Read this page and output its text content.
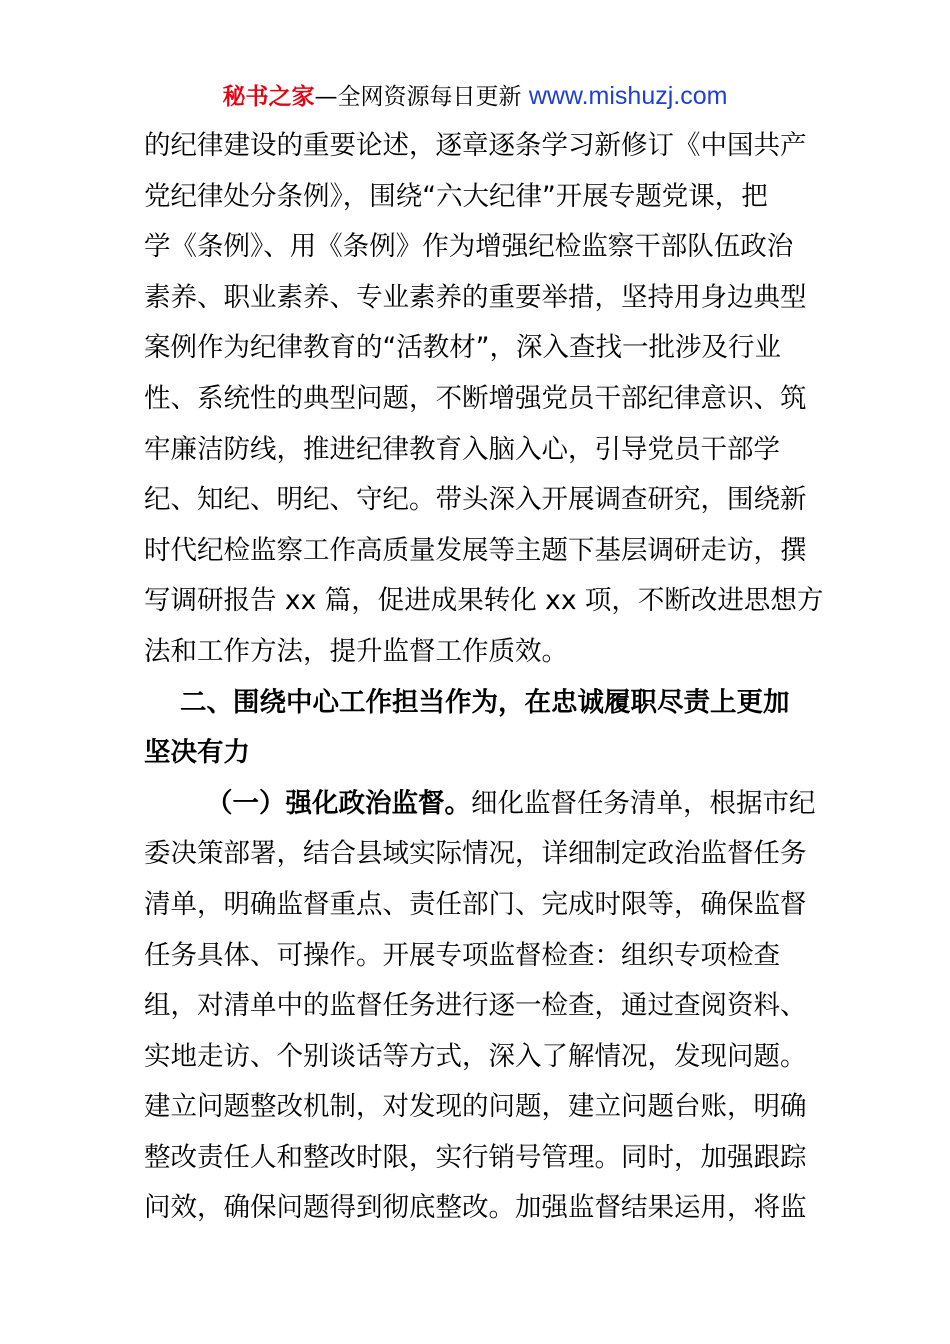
秘书之家—全网资源每日更新 www.mishuzj.com
的纪律建设的重要论述，逐章逐条学习新修订《中国共产
党纪律处分条例》，围绕“六大纪律”开展专题党课，把
学《条例》、用《条例》作为增强纪检监察干部队伍政治
素养、职业素养、专业素养的重要举措，坚持用身边典型
案例作为纪律教育的“活教材”，深入查找一批涉及行业
性、系统性的典型问题，不断增强党员干部纪律意识、筑
牢廉洁防线，推进纪律教育入脑入心，引导党员干部学
纪、知纪、明纪、守纪。带头深入开展调查研究，围绕新
时代纪检监察工作高质量发展等主题下基层调研走访，撰
写调研报告 xx 篇，促进成果转化 xx 项，不断改进思想方
法和工作方法，提升监督工作质效。
二、围绕中心工作担当作为，在忠诚履职尽责上更加
坚决有力
（一）强化政治监督。细化监督任务清单，根据市纪
委决策部署，结合县域实际情况，详细制定政治监督任务
清单，明确监督重点、责任部门、完成时限等，确保监督
任务具体、可操作。开展专项监督检查：组织专项检查
组，对清单中的监督任务进行逐一检查，通过查阅资料、
实地走访、个别谈话等方式，深入了解情况，发现问题。
建立问题整改机制，对发现的问题，建立问题台账，明确
整改责任人和整改时限，实行销号管理。同时，加强跟踪
问效，确保问题得到彻底整改。加强监督结果运用，将监
